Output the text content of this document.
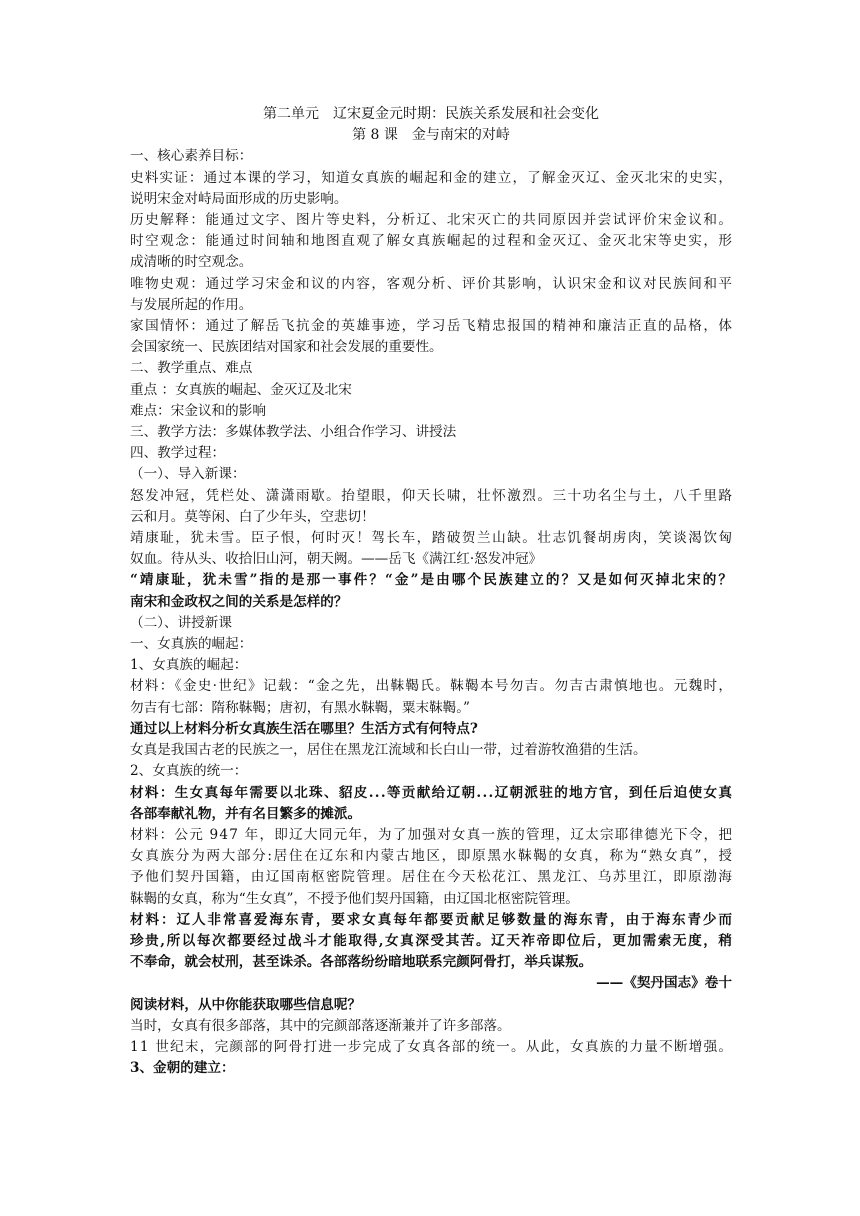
第二单元　辽宋夏金元时期：民族关系发展和社会变化
第 8 课　金与南宋的对峙
一、核心素养目标：
史料实证：通过本课的学习，知道女真族的崛起和金的建立，了解金灭辽、金灭北宋的史实，
说明宋金对峙局面形成的历史影响。
历史解释：能通过文字、图片等史料，分析辽、北宋灭亡的共同原因并尝试评价宋金议和。
时空观念：能通过时间轴和地图直观了解女真族崛起的过程和金灭辽、金灭北宋等史实，形
成清晰的时空观念。
唯物史观：通过学习宋金和议的内容，客观分析、评价其影响，认识宋金和议对民族间和平
与发展所起的作用。
家国情怀：通过了解岳飞抗金的英雄事迹，学习岳飞精忠报国的精神和廉洁正直的品格，体
会国家统一、民族团结对国家和社会发展的重要性。
二、教学重点、难点
重点 ：女真族的崛起、金灭辽及北宋
难点：宋金议和的影响
三、教学方法：多媒体教学法、小组合作学习、讲授法
四、教学过程：
（一）、导入新课：
怒发冲冠，凭栏处、潇潇雨歇。抬望眼，仰天长啸，壮怀激烈。三十功名尘与土，八千里路
云和月。莫等闲、白了少年头，空悲切！
靖康耻，犹未雪。臣子恨，何时灭！驾长车，踏破贺兰山缺。壮志饥餐胡虏肉，笑谈渴饮匈
奴血。待从头、收拾旧山河，朝天阙。——岳飞《满江红·怒发冲冠》
“靖康耻，犹未雪”指的是那一事件？“金”是由哪个民族建立的？又是如何灭掉北宋的？
南宋和金政权之间的关系是怎样的？
（二）、讲授新课
一、女真族的崛起：
1、女真族的崛起：
材料：《金史·世纪》记载：“金之先，出靺鞨氏。靺鞨本号勿吉。勿吉古肃慎地也。元魏时，
勿吉有七部：隋称靺鞨；唐初，有黑水靺鞨，粟末靺鞨。”
通过以上材料分析女真族生活在哪里？生活方式有何特点?
女真是我国古老的民族之一，居住在黑龙江流域和长白山一带，过着游牧渔猎的生活。
2、女真族的统一：
材料：生女真每年需要以北珠、貂皮...等贡献给辽朝...辽朝派驻的地方官，到任后迫使女真
各部奉献礼物，并有名目繁多的摊派。
材料：公元 947 年，即辽大同元年，为了加强对女真一族的管理，辽太宗耶律德光下令，把
女真族分为两大部分:居住在辽东和内蒙古地区，即原黑水靺鞨的女真，称为“熟女真”，授
予他们契丹国籍，由辽国南枢密院管理。居住在今天松花江、黑龙江、乌苏里江，即原渤海
靺鞨的女真，称为“生女真”，不授予他们契丹国籍，由辽国北枢密院管理。
材料：辽人非常喜爱海东青，要求女真每年都要贡献足够数量的海东青，由于海东青少而
珍贵,所以每次都要经过战斗才能取得,女真深受其苦。辽天祚帝即位后，更加需索无度，稍
不奉命，就会杖刑，甚至诛杀。各部落纷纷暗地联系完颜阿骨打，举兵谋叛。
——《契丹国志》卷十
阅读材料，从中你能获取哪些信息呢？
当时，女真有很多部落，其中的完颜部落逐渐兼并了许多部落。
11 世纪末，完颜部的阿骨打进一步完成了女真各部的统一。从此，女真族的力量不断增强。
3、金朝的建立：
